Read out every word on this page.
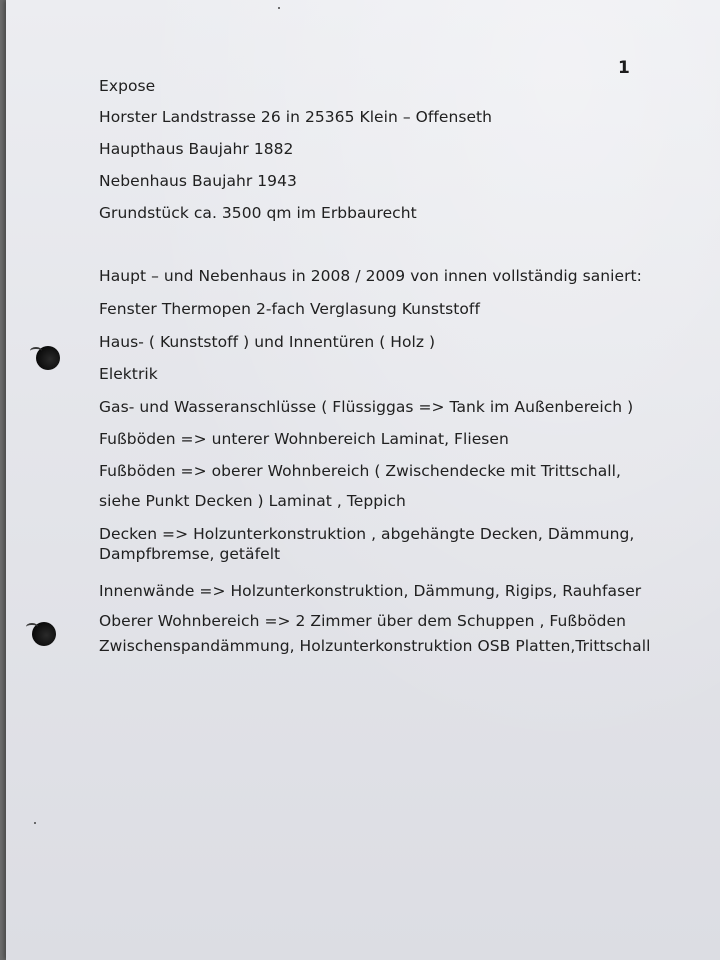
1
Expose
Horster Landstrasse 26 in 25365 Klein – Offenseth
Haupthaus Baujahr 1882
Nebenhaus Baujahr 1943
Grundstück ca. 3500 qm im Erbbaurecht
Haupt – und Nebenhaus in 2008 / 2009 von innen vollständig saniert:
Fenster Thermopen 2-fach Verglasung Kunststoff
Haus- ( Kunststoff ) und Innentüren ( Holz )
Elektrik
Gas- und Wasseranschlüsse ( Flüssiggas => Tank im Außenbereich )
Fußböden => unterer Wohnbereich Laminat, Fliesen
Fußböden => oberer Wohnbereich ( Zwischendecke mit Trittschall,
siehe Punkt Decken ) Laminat , Teppich
Decken => Holzunterkonstruktion , abgehängte Decken, Dämmung,
Dampfbremse, getäfelt
Innenwände => Holzunterkonstruktion, Dämmung, Rigips, Rauhfaser
Oberer Wohnbereich => 2 Zimmer über dem Schuppen , Fußböden
Zwischenspandämmung, Holzunterkonstruktion OSB Platten,Trittschall
